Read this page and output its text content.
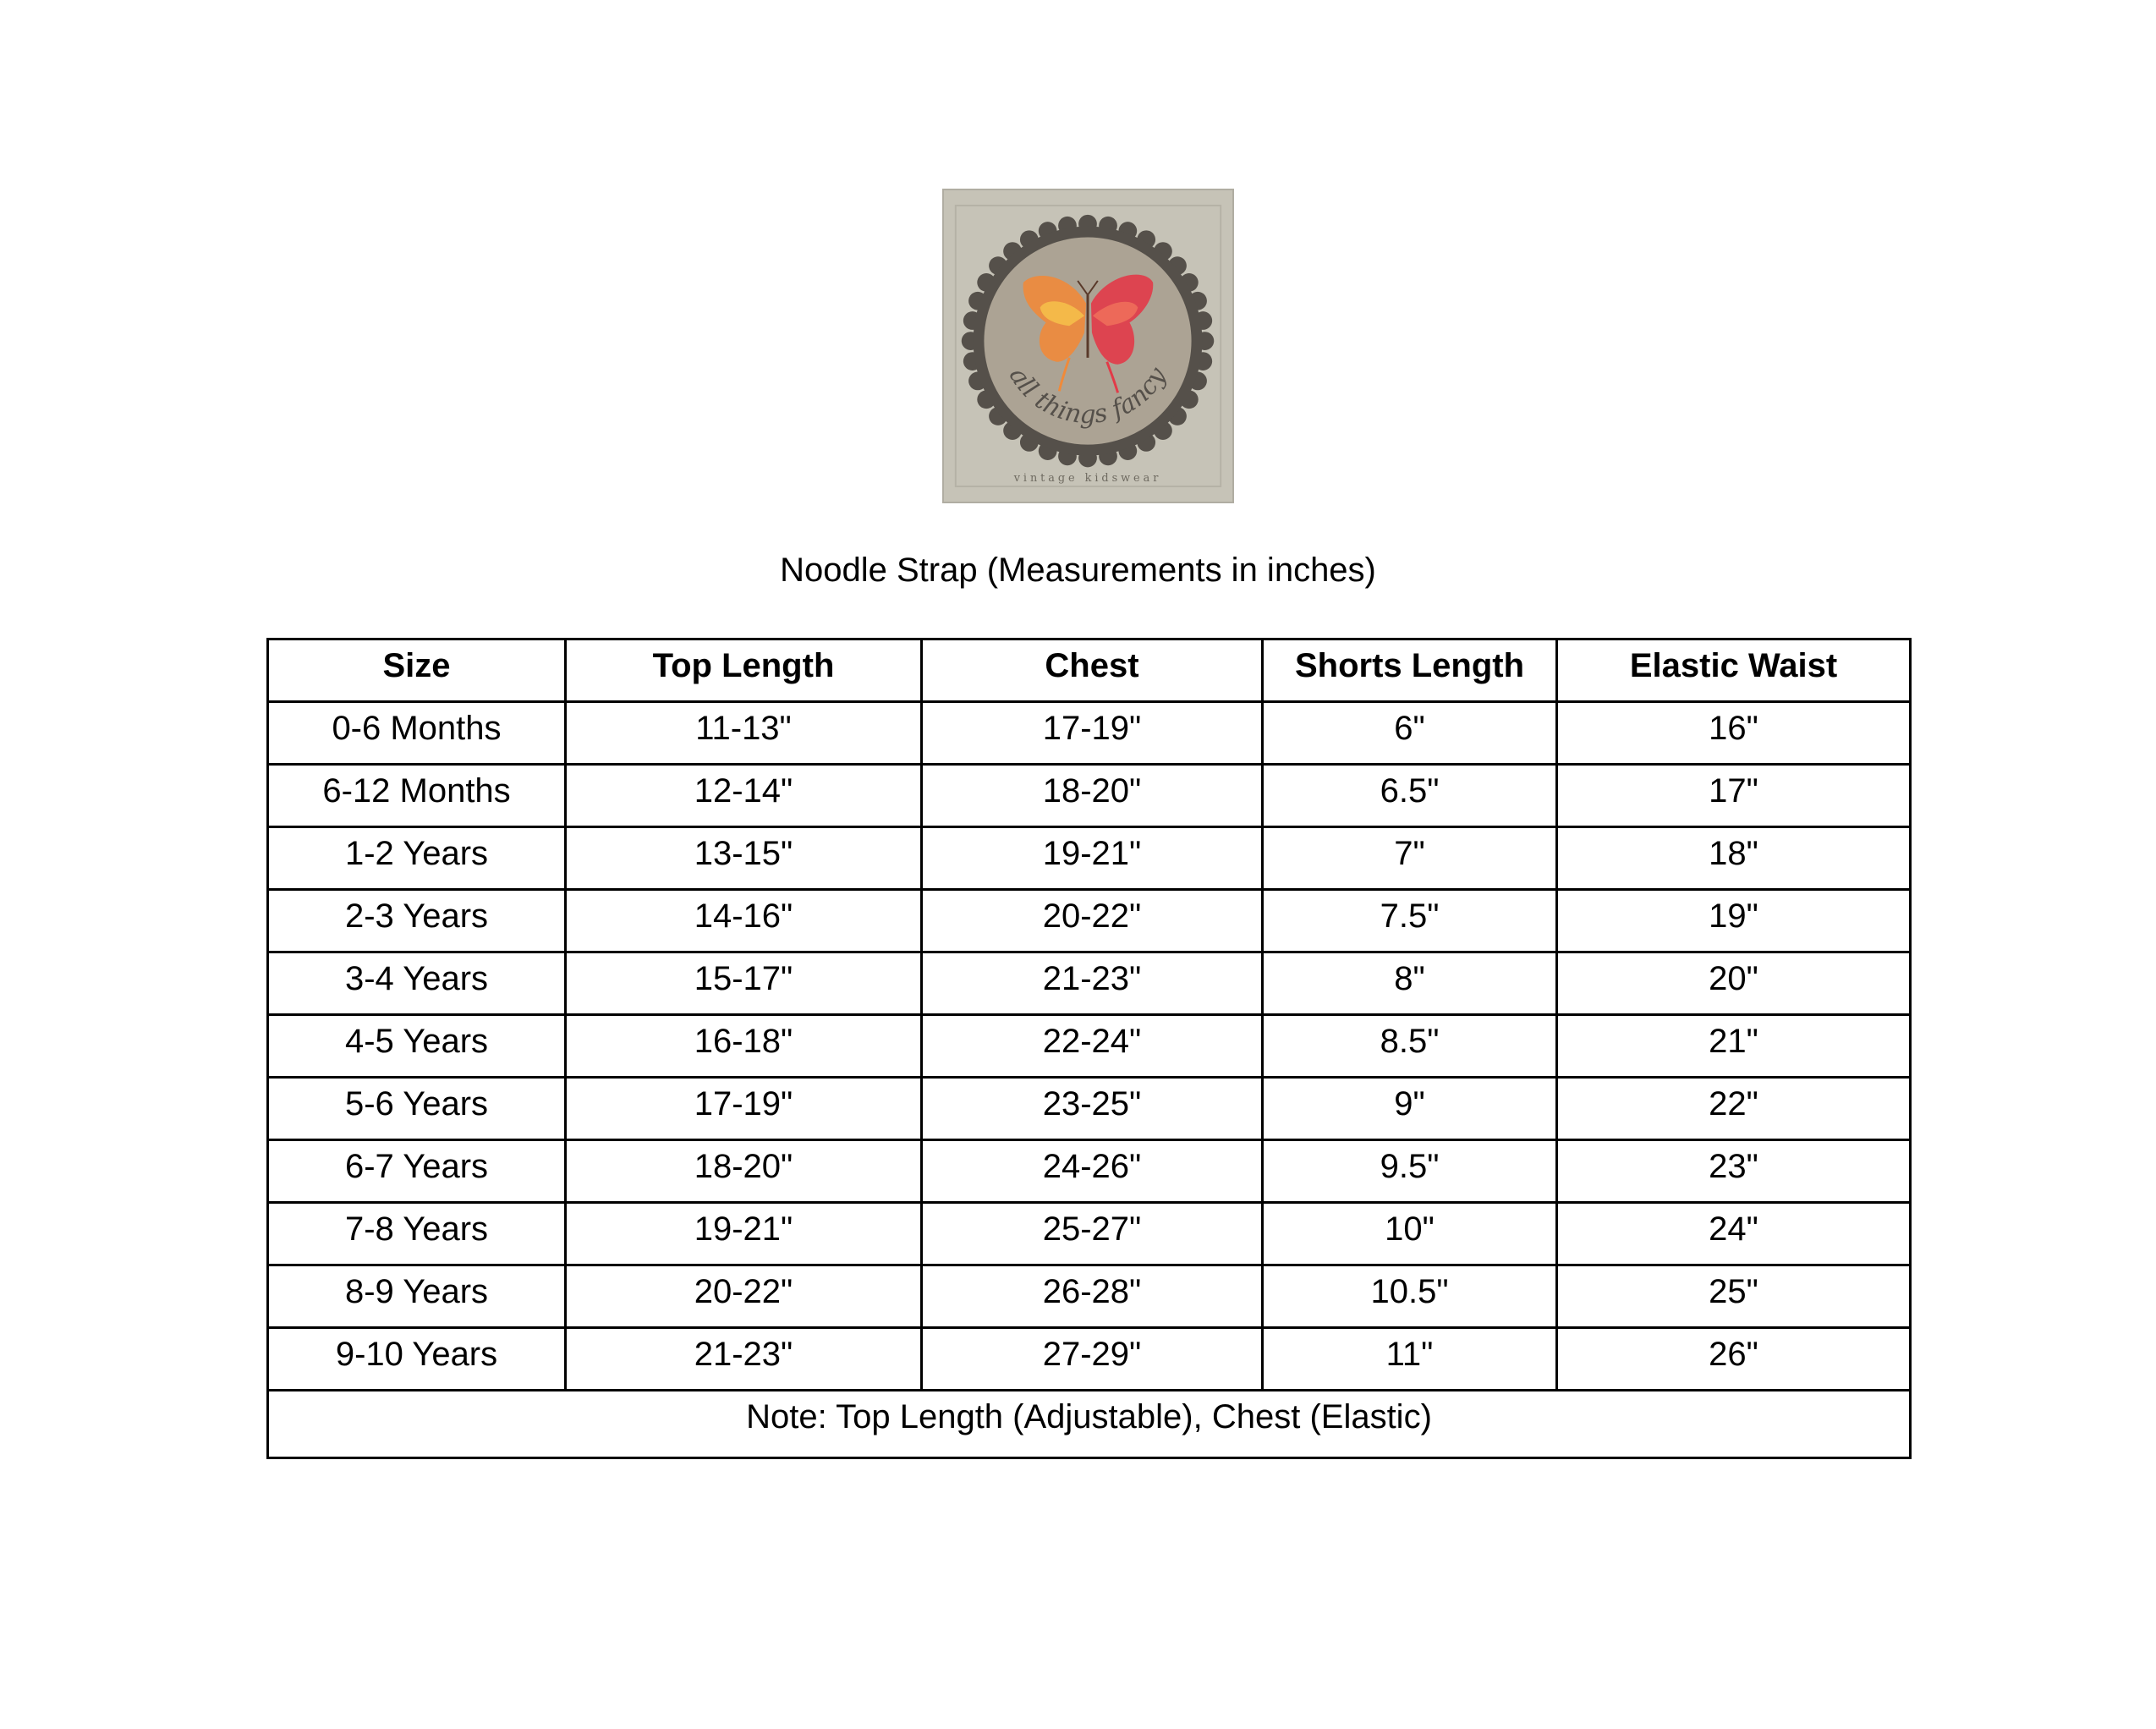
all things fancy
vintage kidswear
Noodle Strap (Measurements in inches)
Size	Top Length	Chest	Shorts Length	Elastic Waist
0-6 Months	11-13"	17-19"	6"	16"
6-12 Months	12-14"	18-20"	6.5"	17"
1-2 Years	13-15"	19-21"	7"	18"
2-3 Years	14-16"	20-22"	7.5"	19"
3-4 Years	15-17"	21-23"	8"	20"
4-5 Years	16-18"	22-24"	8.5"	21"
5-6 Years	17-19"	23-25"	9"	22"
6-7 Years	18-20"	24-26"	9.5"	23"
7-8 Years	19-21"	25-27"	10"	24"
8-9 Years	20-22"	26-28"	10.5"	25"
9-10 Years	21-23"	27-29"	11"	26"
Note: Top Length (Adjustable), Chest (Elastic)				
